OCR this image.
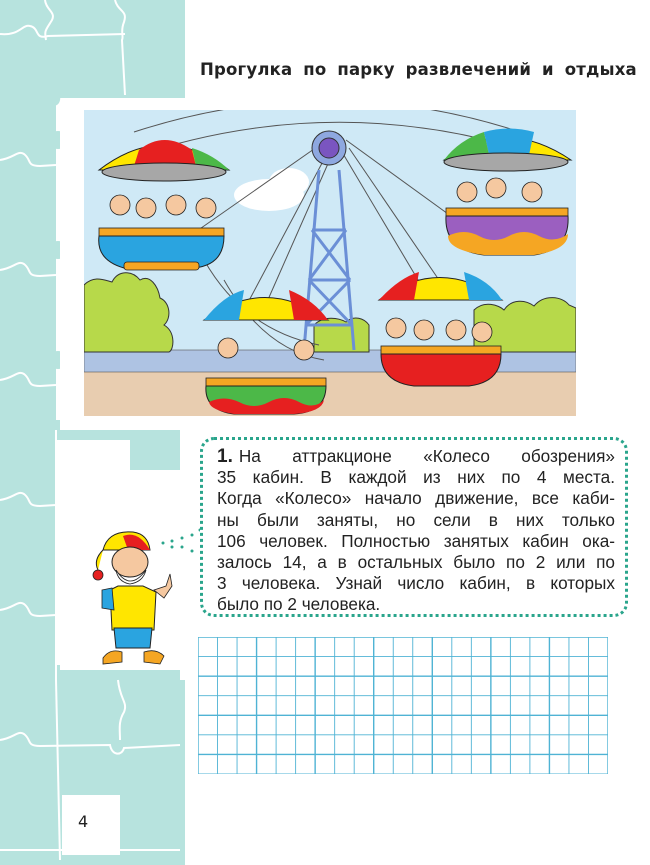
Прогулка по парку развлечений и отдыха
1. На аттракционе «Колесо обозрения»
35 кабин. В каждой из них по 4 места.
Когда «Колесо» начало движение, все каби-
ны были заняты, но сели в них только
106 человек. Полностью занятых кабин ока-
залось 14, а в остальных было по 2 или по
3 человека. Узнай число кабин, в которых
было по 2 человека.
4
